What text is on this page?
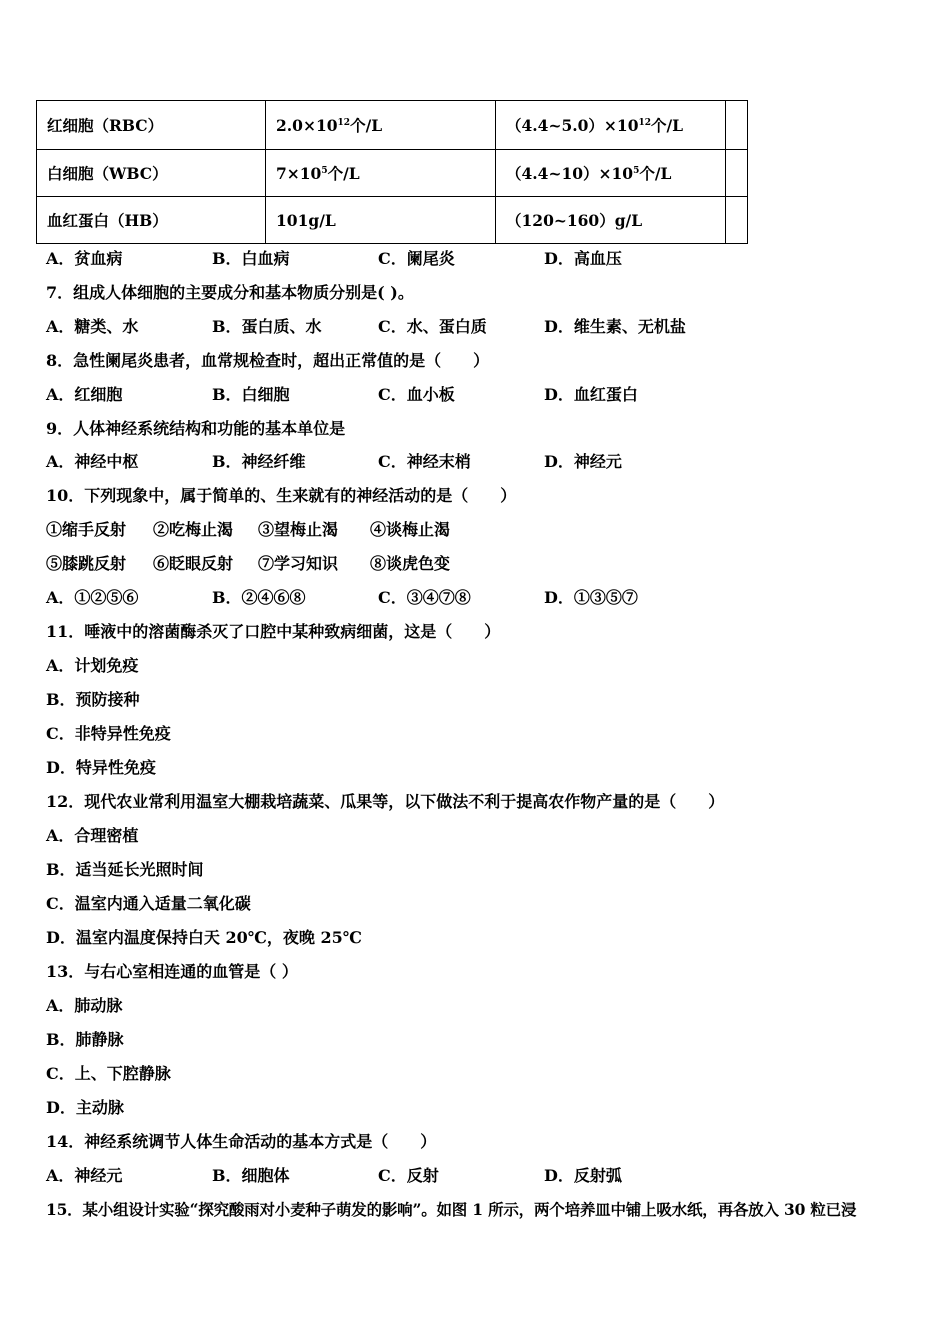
红细胞（RBC）	$2.0\times 10^{12}$个/L	$(4.4\sim 5.0)\times 10^{12}$个/L	
白细胞（WBC）	$7\times 10^5$个/L	$(4.4\sim 10)\times 10^5$个/L	
血红蛋白（HB）	101g/L	（120~160）g/L	
A．贫血病	B．白血病	C．阑尾炎	D．高血压
7．组成人体细胞的主要成分和基本物质分别是( )。
A．糖类、水	B．蛋白质、水	C．水、蛋白质	D．维生素、无机盐
8．急性阑尾炎患者，血常规检查时，超出正常值的是（　　）
A．红细胞	B．白细胞	C．血小板	D．血红蛋白
9．人体神经系统结构和功能的基本单位是
A．神经中枢	B．神经纤维	C．神经末梢	D．神经元
10．下列现象中，属于简单的、生来就有的神经活动的是（　　）
①缩手反射 ②吃梅止渴 ③望梅止渴 ④谈梅止渴
⑤膝跳反射 ⑥眨眼反射 ⑦学习知识 ⑧谈虎色变
A．①②⑤⑥	B．②④⑥⑧	C．③④⑦⑧	D．①③⑤⑦
11．唾液中的溶菌酶杀灭了口腔中某种致病细菌，这是（　　）
A．计划免疫
B．预防接种
C．非特异性免疫
D．特异性免疫
12．现代农业常利用温室大棚栽培蔬菜、瓜果等，以下做法不利于提高农作物产量的是（　　）
A．合理密植
B．适当延长光照时间
C．温室内通入适量二氧化碳
D．温室内温度保持白天 20℃，夜晚 25℃
13．与右心室相连通的血管是（ ）
A．肺动脉
B．肺静脉
C．上、下腔静脉
D．主动脉
14．神经系统调节人体生命活动的基本方式是（　　）
A．神经元	B．细胞体	C．反射	D．反射弧
15．某小组设计实验“探究酸雨对小麦种子萌发的影响”。如图 1 所示，两个培养皿中铺上吸水纸，再各放入 30 粒已浸
